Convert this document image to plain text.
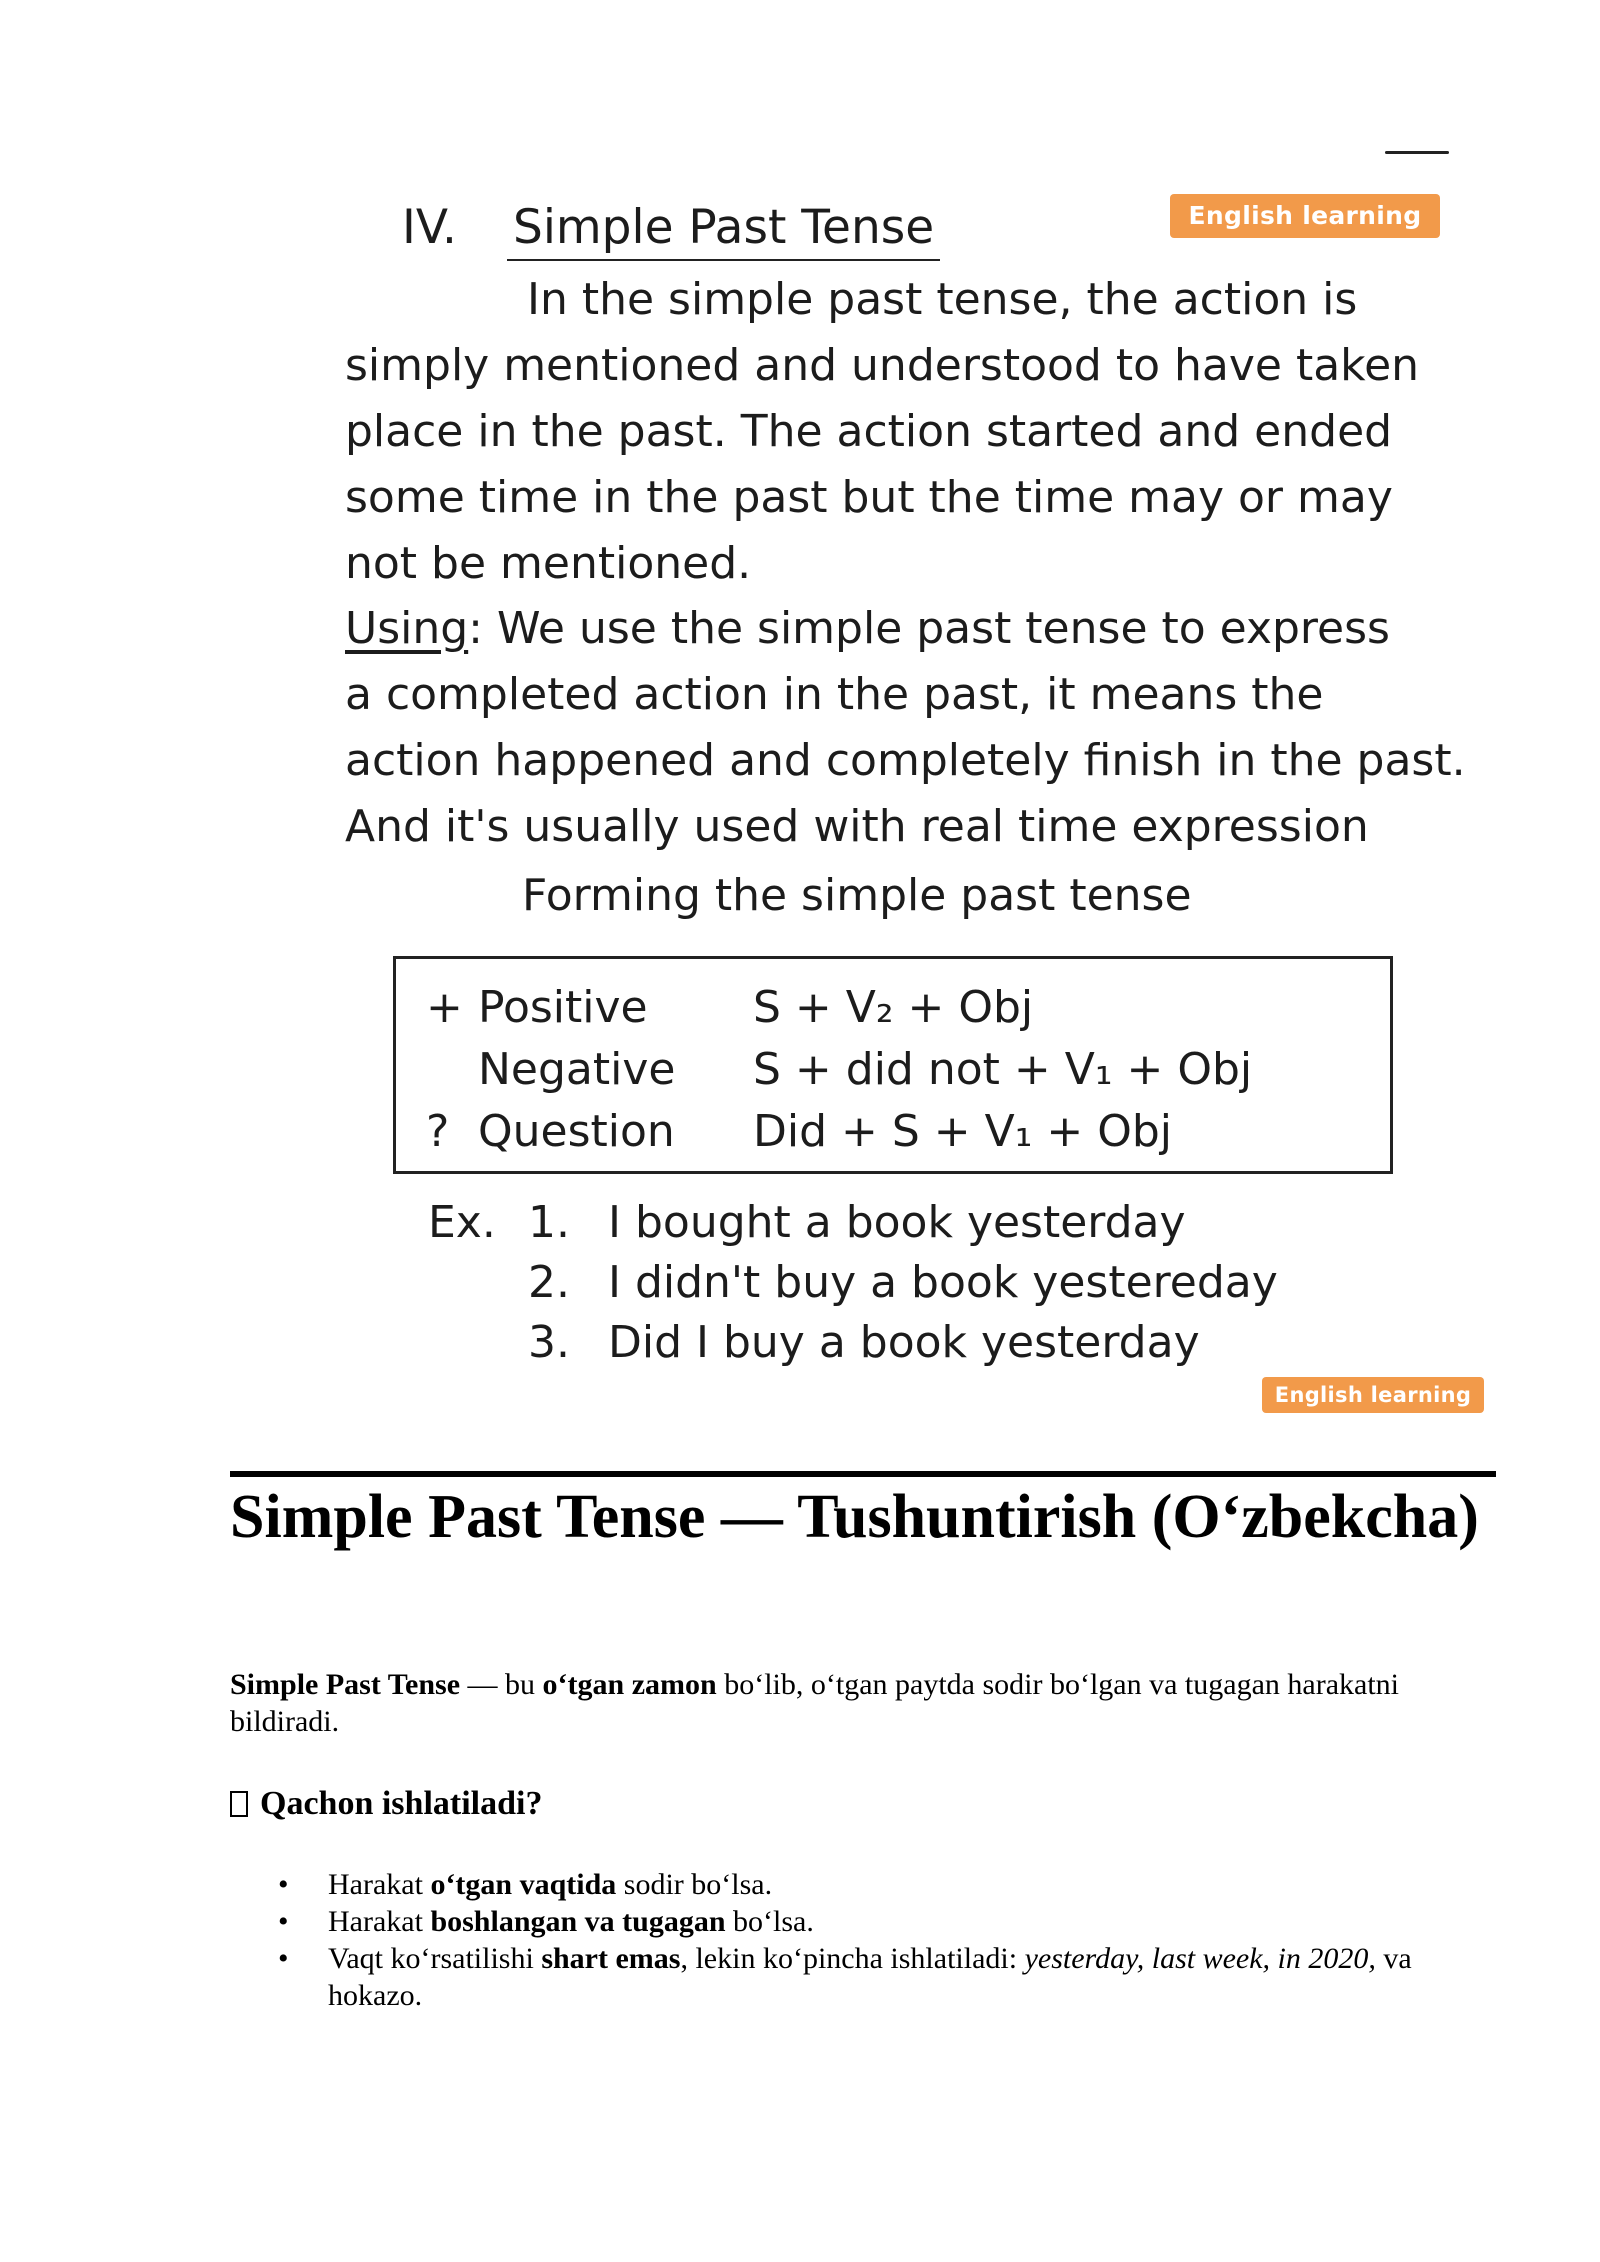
English learning
IV. Simple Past Tense
In the simple past tense, the action is
simply mentioned and understood to have taken
place in the past. The action started and ended
some time in the past but the time may or may
not be mentioned.
Using: We use the simple past tense to express
a completed action in the past, it means the
action happened and completely finish in the past.
And it's usually used with real time expression
Forming the simple past tense
+ Positive S + V₂ + Obj
Negative S + did not + V₁ + Obj
? Question Did + S + V₁ + Obj
Ex. 1. I bought a book yesterday
2. I didn't buy a book yestereday
3. Did I buy a book yesterday
English learning
Simple Past Tense — Tushuntirish (O‘zbekcha)

Simple Past Tense — bu o‘tgan zamon bo‘lib, o‘tgan paytda sodir bo‘lgan va tugagan harakatni bildiradi.

Qachon ishlatiladi?
• Harakat o‘tgan vaqtida sodir bo‘lsa.
• Harakat boshlangan va tugagan bo‘lsa.
• Vaqt ko‘rsatilishi shart emas, lekin ko‘pincha ishlatiladi: yesterday, last week, in 2020, va hokazo.
